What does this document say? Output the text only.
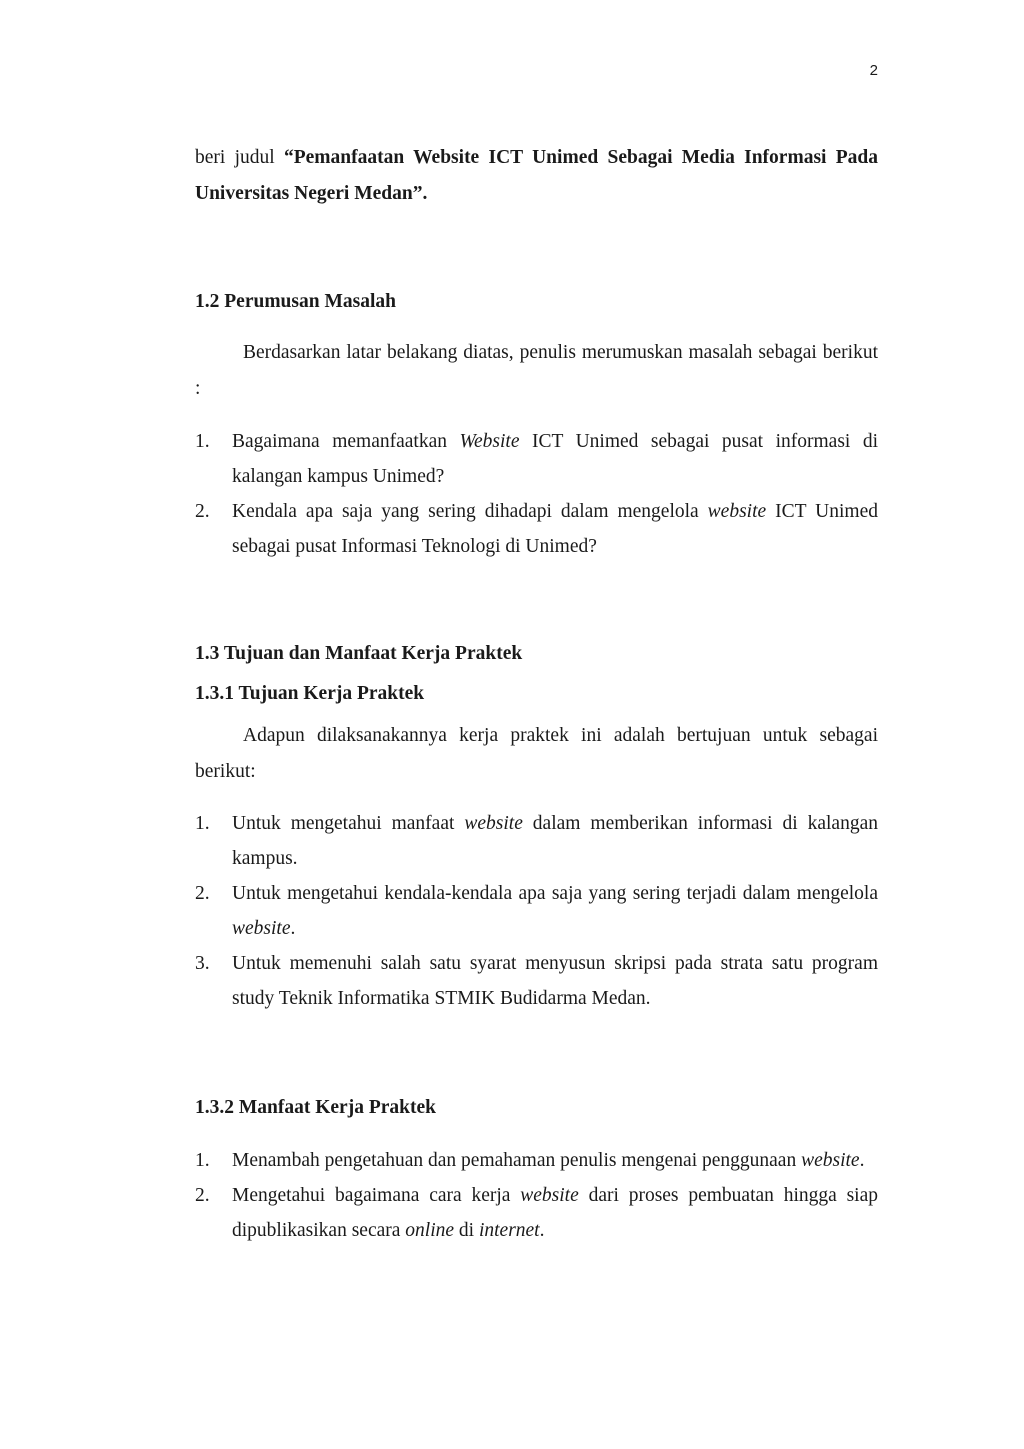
2

beri judul “Pemanfaatan Website ICT Unimed Sebagai Media Informasi Pada Universitas Negeri Medan”.

1.2 Perumusan Masalah

Berdasarkan latar belakang diatas, penulis merumuskan masalah sebagai berikut :

1. Bagaimana memanfaatkan Website ICT Unimed sebagai pusat informasi di kalangan kampus Unimed?
2. Kendala apa saja yang sering dihadapi dalam mengelola website ICT Unimed sebagai pusat Informasi Teknologi di Unimed?
1.3 Tujuan dan Manfaat Kerja Praktek
1.3.1 Tujuan Kerja Praktek

Adapun dilaksanakannya kerja praktek ini adalah bertujuan untuk sebagai berikut:

1. Untuk mengetahui manfaat website dalam memberikan informasi di kalangan kampus.
2. Untuk mengetahui kendala-kendala apa saja yang sering terjadi dalam mengelola website.
3. Untuk memenuhi salah satu syarat menyusun skripsi pada strata satu program study Teknik Informatika STMIK Budidarma Medan.
1.3.2 Manfaat Kerja Praktek
1. Menambah pengetahuan dan pemahaman penulis mengenai penggunaan website.
2. Mengetahui bagaimana cara kerja website dari proses pembuatan hingga siap dipublikasikan secara online di internet.
